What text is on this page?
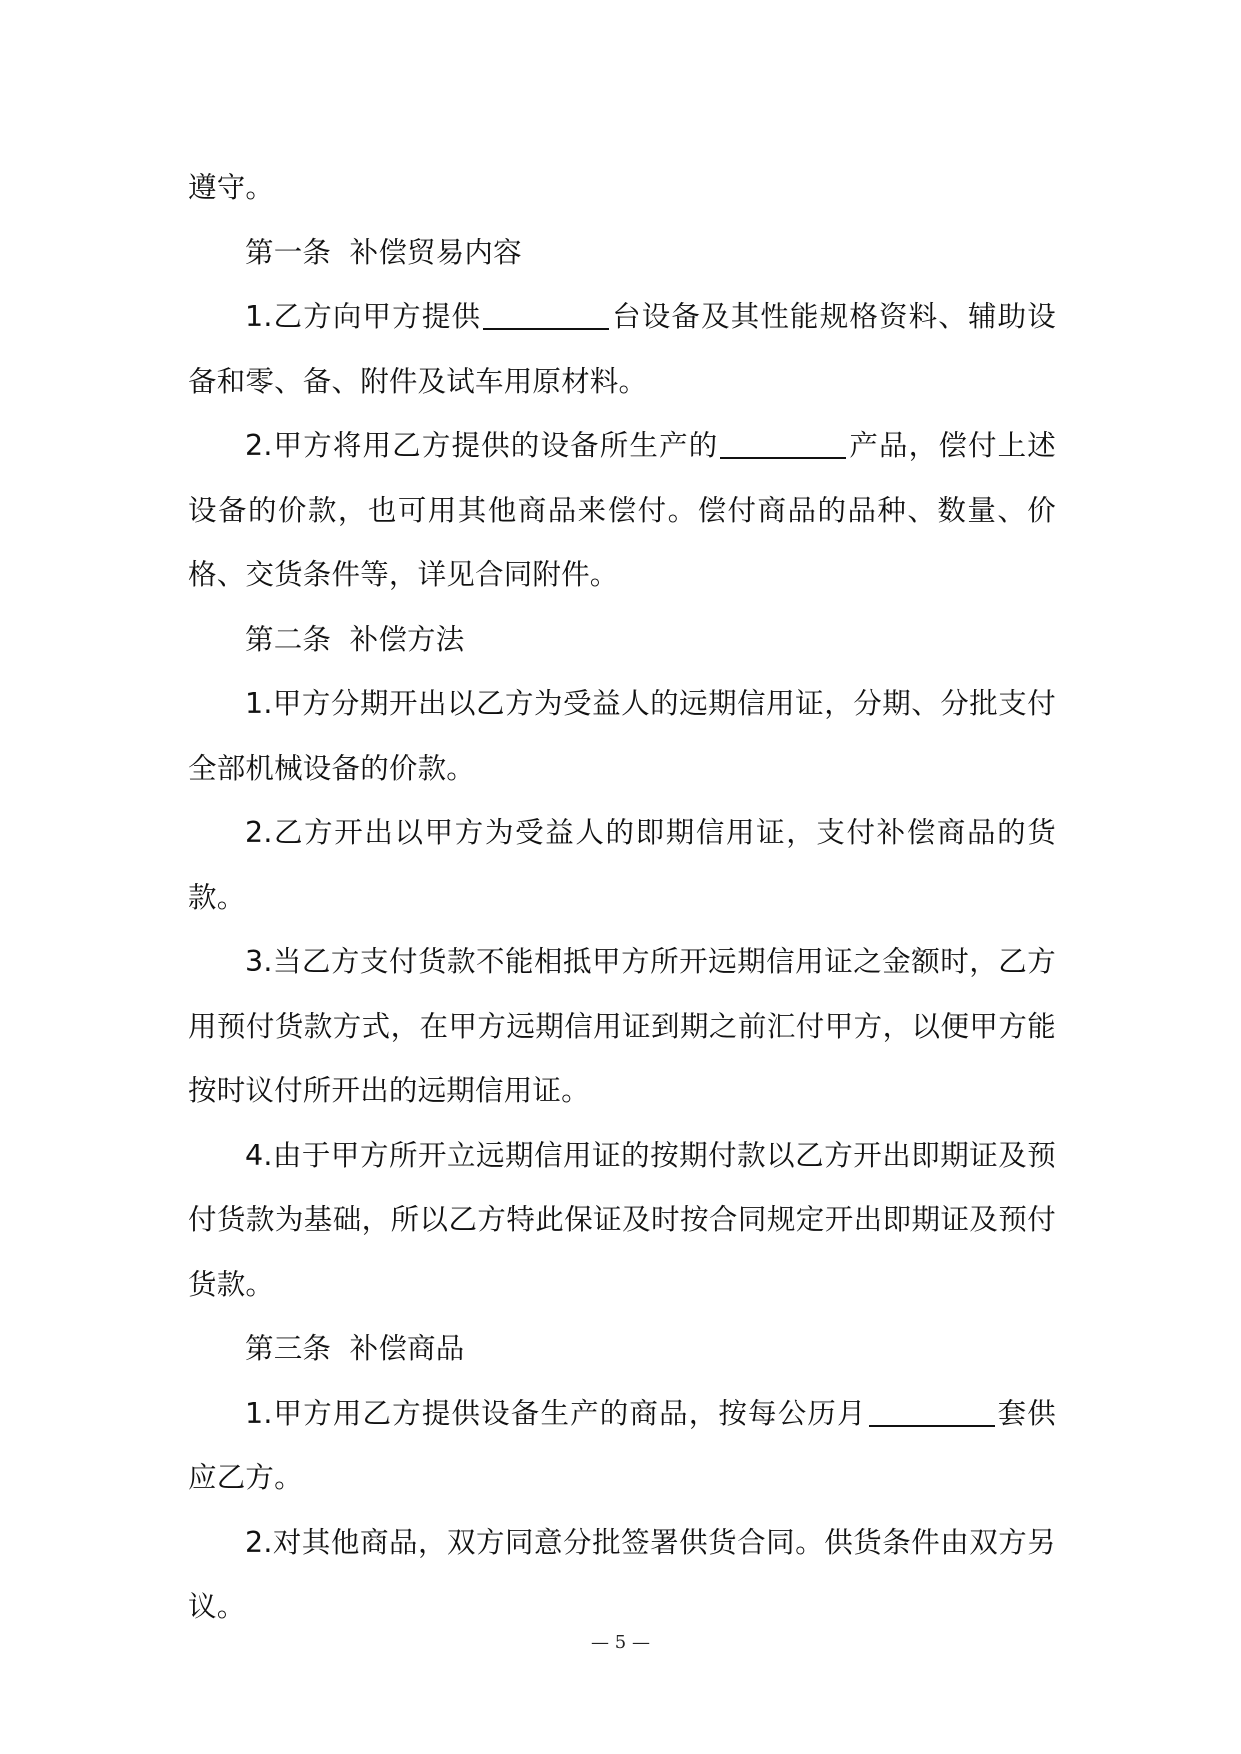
遵守。

第一条  补偿贸易内容

1.乙方向甲方提供	台设备及其性能规格资料、辅助设备和零、备、附件及试车用原材料。

2.甲方将用乙方提供的设备所生产的	产品，偿付上述设备的价款，也可用其他商品来偿付。偿付商品的品种、数量、价格、交货条件等，详见合同附件。

第二条  补偿方法

1.甲方分期开出以乙方为受益人的远期信用证，分期、分批支付全部机械设备的价款。

2.乙方开出以甲方为受益人的即期信用证，支付补偿商品的货款。

3.当乙方支付货款不能相抵甲方所开远期信用证之金额时，乙方用预付货款方式，在甲方远期信用证到期之前汇付甲方，以便甲方能按时议付所开出的远期信用证。

4.由于甲方所开立远期信用证的按期付款以乙方开出即期证及预付货款为基础，所以乙方特此保证及时按合同规定开出即期证及预付货款。

第三条  补偿商品

1.甲方用乙方提供设备生产的商品，按每公历月	套供应乙方。

2.对其他商品，双方同意分批签署供货合同。供货条件由双方另议。

— 5 —
